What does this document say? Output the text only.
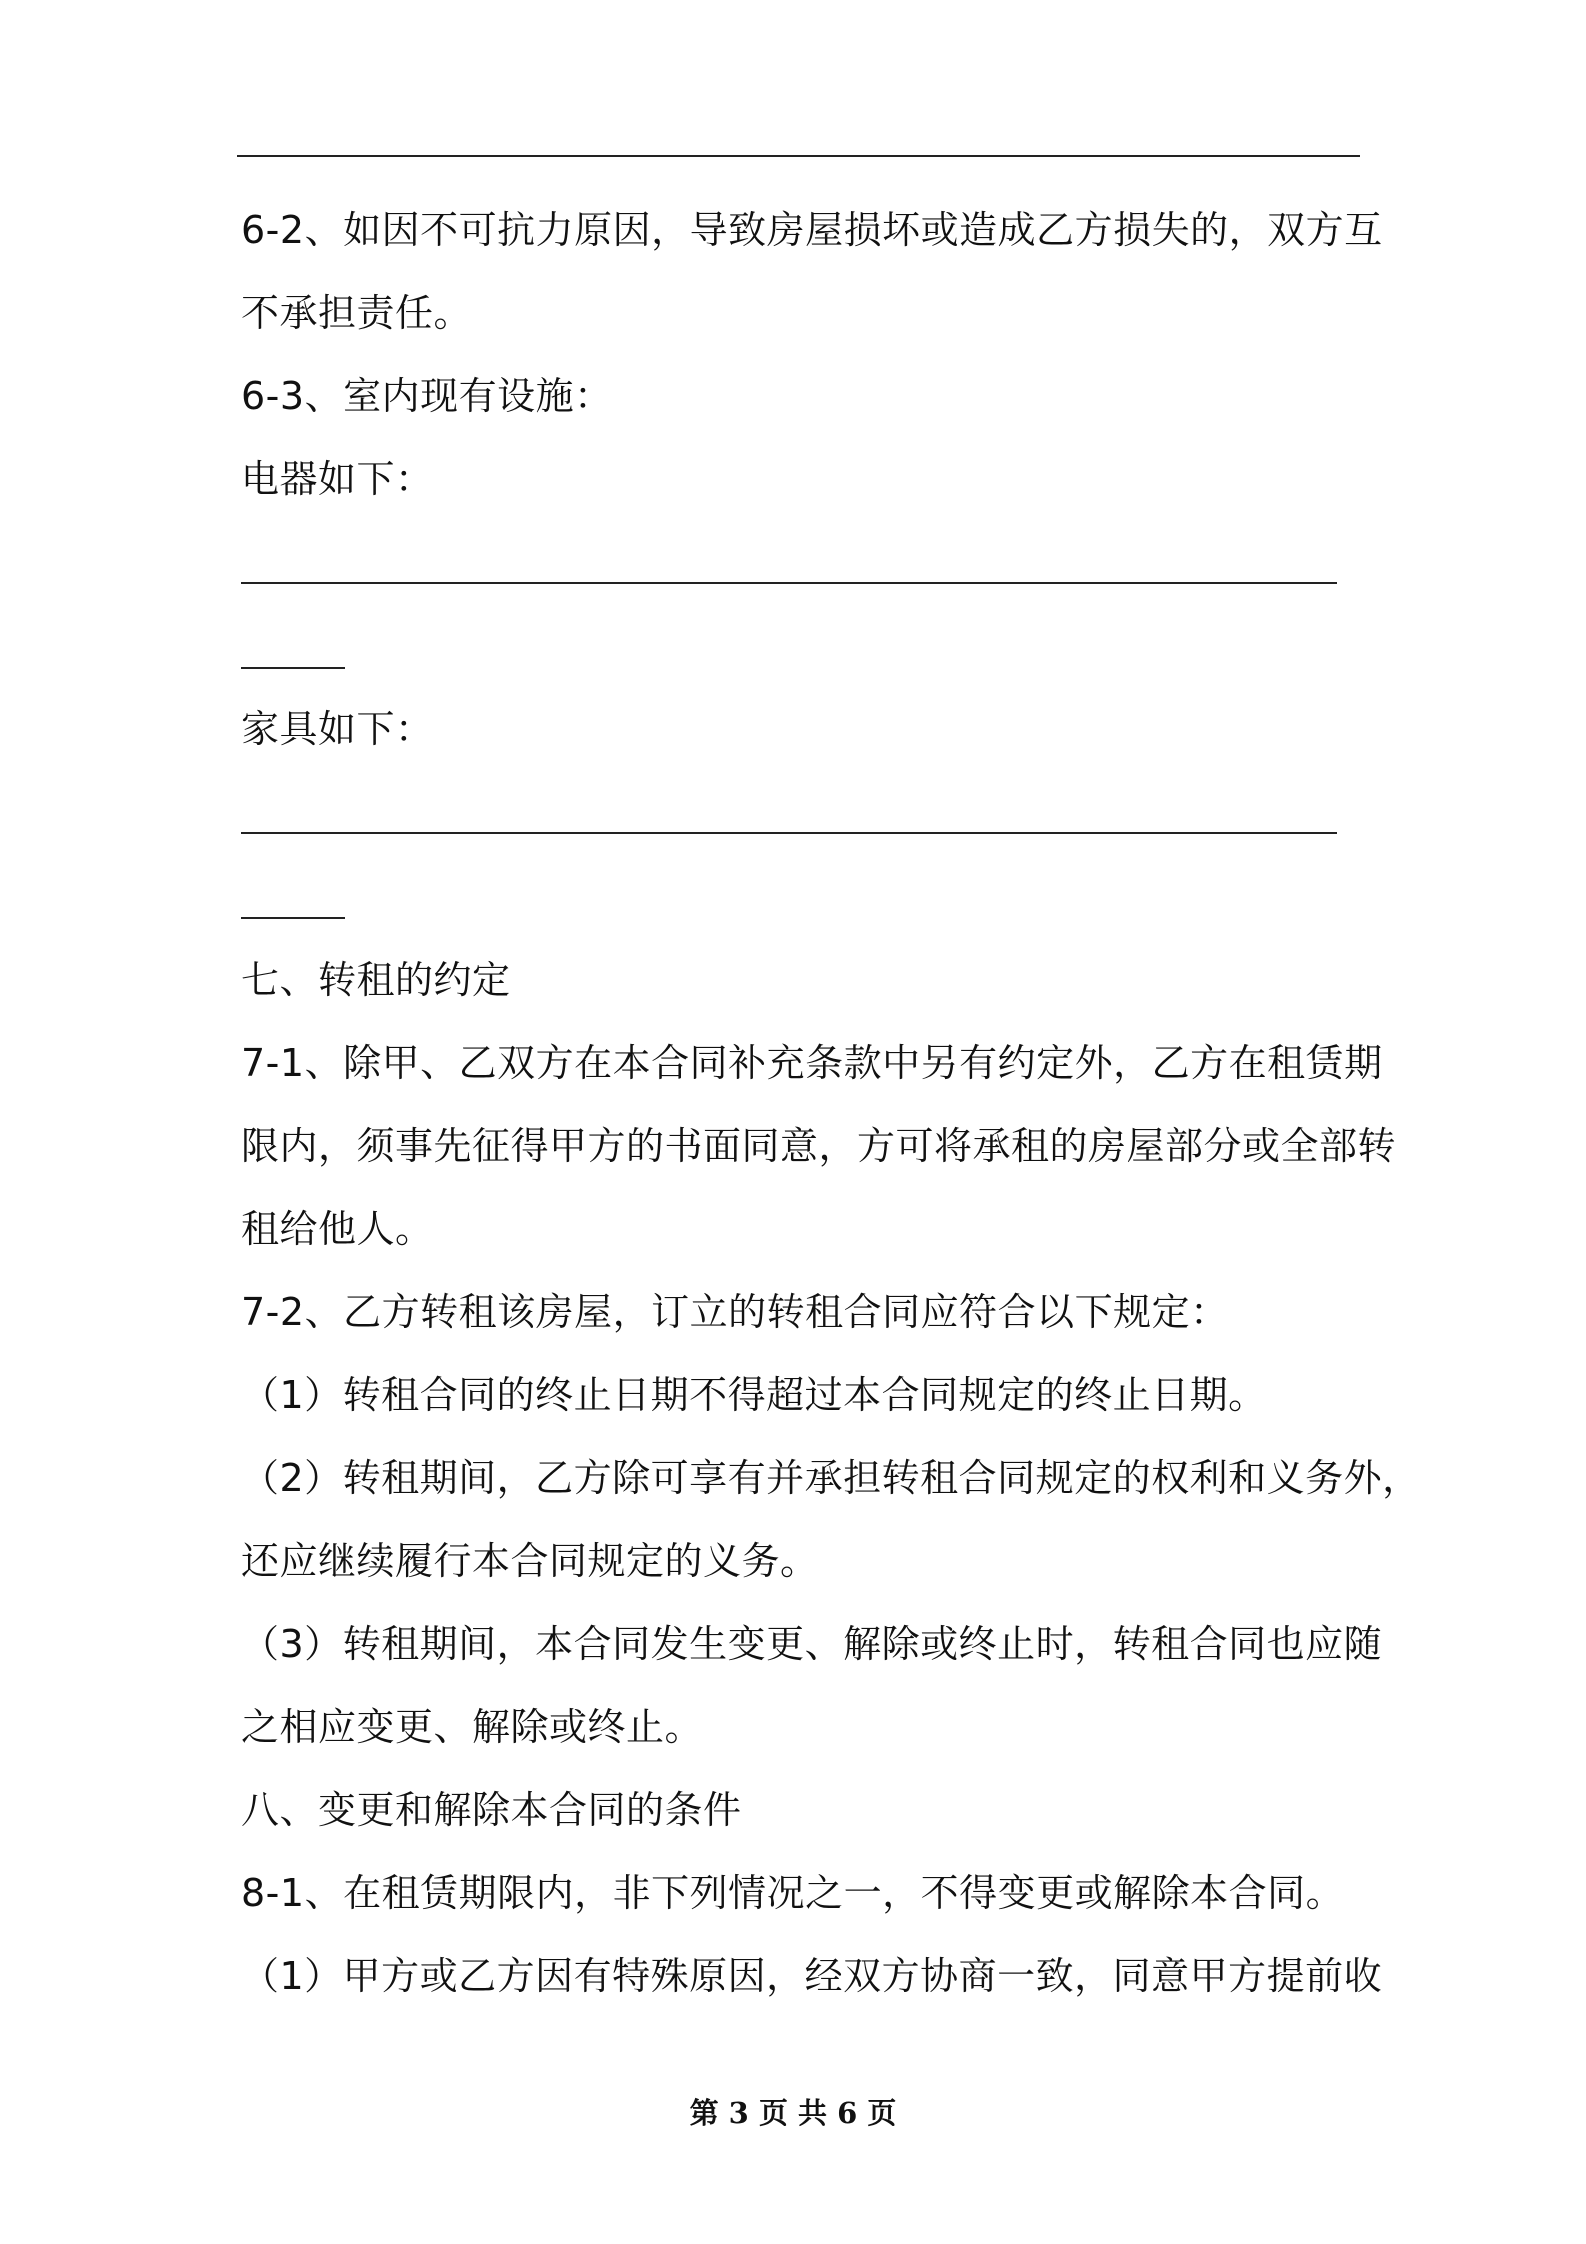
6-2、如因不可抗力原因，导致房屋损坏或造成乙方损失的，双方互
不承担责任。
6-3、室内现有设施：
电器如下：
家具如下：
七、转租的约定
7-1、除甲、乙双方在本合同补充条款中另有约定外，乙方在租赁期
限内，须事先征得甲方的书面同意，方可将承租的房屋部分或全部转
租给他人。
7-2、乙方转租该房屋，订立的转租合同应符合以下规定：
（1）转租合同的终止日期不得超过本合同规定的终止日期。
（2）转租期间，乙方除可享有并承担转租合同规定的权利和义务外，
还应继续履行本合同规定的义务。
（3）转租期间，本合同发生变更、解除或终止时，转租合同也应随
之相应变更、解除或终止。
八、变更和解除本合同的条件
8-1、在租赁期限内，非下列情况之一，不得变更或解除本合同。
（1）甲方或乙方因有特殊原因，经双方协商一致，同意甲方提前收
第 3 页 共 6 页
